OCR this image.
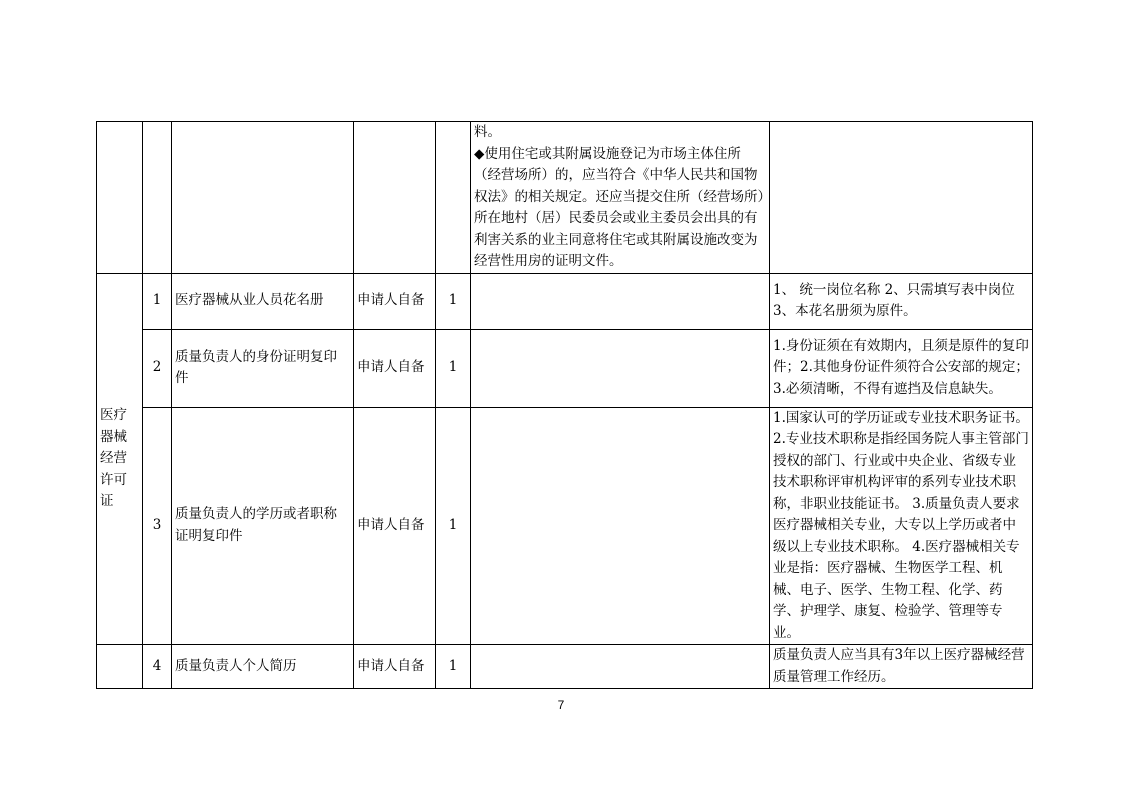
					料。
◆使用住宅或其附属设施登记为市场主体住所（经营场所）的，应当符合《中华人民共和国物权法》的相关规定。还应当提交住所（经营场所）所在地村（居）民委员会或业主委员会出具的有利害关系的业主同意将住宅或其附属设施改变为经营性用房的证明文件。	
医疗器械经营许可证	1	医疗器械从业人员花名册	申请人自备	1		1、 统一岗位名称 2、只需填写表中岗位3、本花名册须为原件。
	2	质量负责人的身份证明复印件	申请人自备	1		1.身份证须在有效期内，且须是原件的复印件；2.其他身份证件须符合公安部的规定；3.必须清晰，不得有遮挡及信息缺失。
	3	质量负责人的学历或者职称证明复印件	申请人自备	1		1.国家认可的学历证或专业技术职务证书。2.专业技术职称是指经国务院人事主管部门授权的部门、行业或中央企业、省级专业技术职称评审机构评审的系列专业技术职称，非职业技能证书。 3.质量负责人要求医疗器械相关专业，大专以上学历或者中级以上专业技术职称。 4.医疗器械相关专业是指：医疗器械、生物医学工程、机械、电子、医学、生物工程、化学、药学、护理学、康复、检验学、管理等专业。
	4	质量负责人个人简历	申请人自备	1		质量负责人应当具有3年以上医疗器械经营质量管理工作经历。
7
